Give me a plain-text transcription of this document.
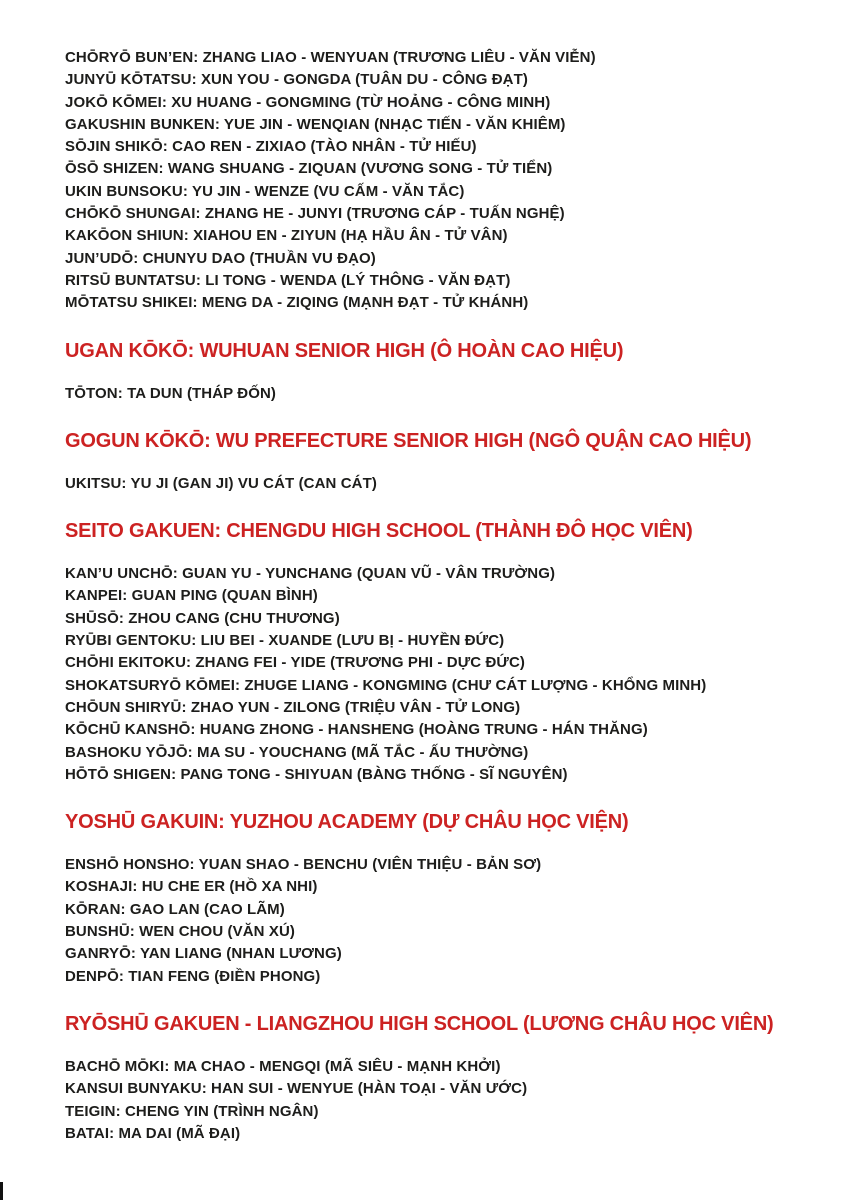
CHŌRYŌ BUN’EN: ZHANG LIAO - WENYUAN (TRƯƠNG LIÊU - VĂN VIỄN)

JUNYŪ KŌTATSU: XUN YOU - GONGDA (TUÂN DU - CÔNG ĐẠT)

JOKŌ KŌMEI: XU HUANG - GONGMING (TỪ HOẢNG - CÔNG MINH)

GAKUSHIN BUNKEN: YUE JIN - WENQIAN (NHẠC TIẾN - VĂN KHIÊM)

SŌJIN SHIKŌ: CAO REN - ZIXIAO (TÀO NHÂN - TỬ HIẾU)

ŌSŌ SHIZEN: WANG SHUANG - ZIQUAN (VƯƠNG SONG - TỬ TIỂN)

UKIN BUNSOKU: YU JIN - WENZE (VU CẤM - VĂN TẮC)

CHŌKŌ SHUNGAI: ZHANG HE - JUNYI (TRƯƠNG CÁP - TUẤN NGHỆ)

KAKŌON SHIUN: XIAHOU EN - ZIYUN (HẠ HẦU ÂN - TỬ VÂN)

JUN’UDŌ: CHUNYU DAO (THUẦN VU ĐẠO)

RITSŪ BUNTATSU: LI TONG - WENDA (LÝ THÔNG - VĂN ĐẠT)

MŌTATSU SHIKEI: MENG DA - ZIQING (MẠNH ĐẠT - TỬ KHÁNH)

UGAN KŌKŌ: WUHUAN SENIOR HIGH (Ô HOÀN CAO HIỆU)

TŌTON: TA DUN (THÁP ĐỐN)

GOGUN KŌKŌ: WU PREFECTURE SENIOR HIGH (NGÔ QUẬN CAO HIỆU)

UKITSU: YU JI (GAN JI) VU CÁT (CAN CÁT)

SEITO GAKUEN: CHENGDU HIGH SCHOOL (THÀNH ĐÔ HỌC VIÊN)

KAN’U UNCHŌ: GUAN YU - YUNCHANG (QUAN VŨ - VÂN TRƯỜNG)

KANPEI: GUAN PING (QUAN BÌNH)

SHŪSŌ: ZHOU CANG (CHU THƯƠNG)

RYŪBI GENTOKU: LIU BEI - XUANDE (LƯU BỊ - HUYỀN ĐỨC)

CHŌHI EKITOKU: ZHANG FEI - YIDE (TRƯƠNG PHI - DỰC ĐỨC)

SHOKATSURYŌ KŌMEI: ZHUGE LIANG - KONGMING (CHƯ CÁT LƯỢNG - KHỔNG MINH)

CHŌUN SHIRYŪ: ZHAO YUN - ZILONG (TRIỆU VÂN - TỬ LONG)

KŌCHŪ KANSHŌ: HUANG ZHONG - HANSHENG (HOÀNG TRUNG - HÁN THĂNG)

BASHOKU YŌJŌ: MA SU - YOUCHANG (MÃ TẮC - ẤU THƯỜNG)

HŌTŌ SHIGEN: PANG TONG - SHIYUAN (BÀNG THỐNG - SĨ NGUYÊN)

YOSHŪ GAKUIN: YUZHOU ACADEMY (DỰ CHÂU HỌC VIỆN)

ENSHŌ HONSHO: YUAN SHAO - BENCHU (VIÊN THIỆU - BẢN SƠ)

KOSHAJI: HU CHE ER (HỒ XA NHI)

KŌRAN: GAO LAN (CAO LÃM)

BUNSHŪ: WEN CHOU (VĂN XÚ)

GANRYŌ: YAN LIANG (NHAN LƯƠNG)

DENPŌ: TIAN FENG (ĐIỀN PHONG)

RYŌSHŪ GAKUEN - LIANGZHOU HIGH SCHOOL (LƯƠNG CHÂU HỌC VIÊN)

BACHŌ MŌKI: MA CHAO - MENGQI (MÃ SIÊU - MẠNH KHỞI)

KANSUI BUNYAKU: HAN SUI - WENYUE (HÀN TOẠI - VĂN ƯỚC)

TEIGIN: CHENG YIN (TRÌNH NGÂN)

BATAI: MA DAI (MÃ ĐẠI)
